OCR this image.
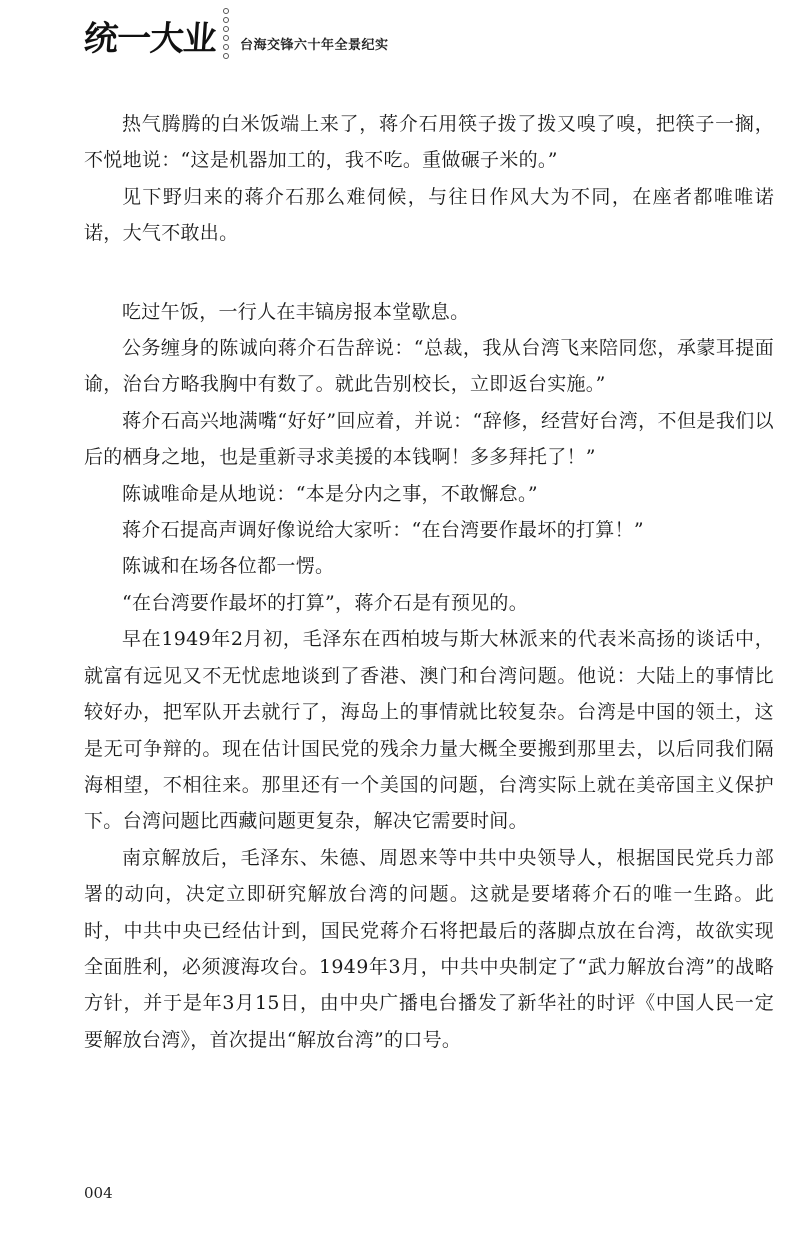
统一大业 台海交锋六十年全景纪实

热气腾腾的白米饭端上来了，蒋介石用筷子拨了拨又嗅了嗅，把筷子一搁，不悦地说：“这是机器加工的，我不吃。重做碾子米的。”

见下野归来的蒋介石那么难伺候，与往日作风大为不同，在座者都唯唯诺诺，大气不敢出。

吃过午饭，一行人在丰镐房报本堂歇息。

公务缠身的陈诚向蒋介石告辞说：“总裁，我从台湾飞来陪同您，承蒙耳提面谕，治台方略我胸中有数了。就此告别校长，立即返台实施。”

蒋介石高兴地满嘴“好好”回应着，并说：“辞修，经营好台湾，不但是我们以后的栖身之地，也是重新寻求美援的本钱啊！多多拜托了！”

陈诚唯命是从地说：“本是分内之事，不敢懈怠。”

蒋介石提高声调好像说给大家听：“在台湾要作最坏的打算！”

陈诚和在场各位都一愣。

“在台湾要作最坏的打算”，蒋介石是有预见的。

早在1949年2月初，毛泽东在西柏坡与斯大林派来的代表米高扬的谈话中，就富有远见又不无忧虑地谈到了香港、澳门和台湾问题。他说：大陆上的事情比较好办，把军队开去就行了，海岛上的事情就比较复杂。台湾是中国的领土，这是无可争辩的。现在估计国民党的残余力量大概全要搬到那里去，以后同我们隔海相望，不相往来。那里还有一个美国的问题，台湾实际上就在美帝国主义保护下。台湾问题比西藏问题更复杂，解决它需要时间。

南京解放后，毛泽东、朱德、周恩来等中共中央领导人，根据国民党兵力部署的动向，决定立即研究解放台湾的问题。这就是要堵蒋介石的唯一生路。此时，中共中央已经估计到，国民党蒋介石将把最后的落脚点放在台湾，故欲实现全面胜利，必须渡海攻台。1949年3月，中共中央制定了“武力解放台湾”的战略方针，并于是年3月15日，由中央广播电台播发了新华社的时评《中国人民一定要解放台湾》，首次提出“解放台湾”的口号。

004
